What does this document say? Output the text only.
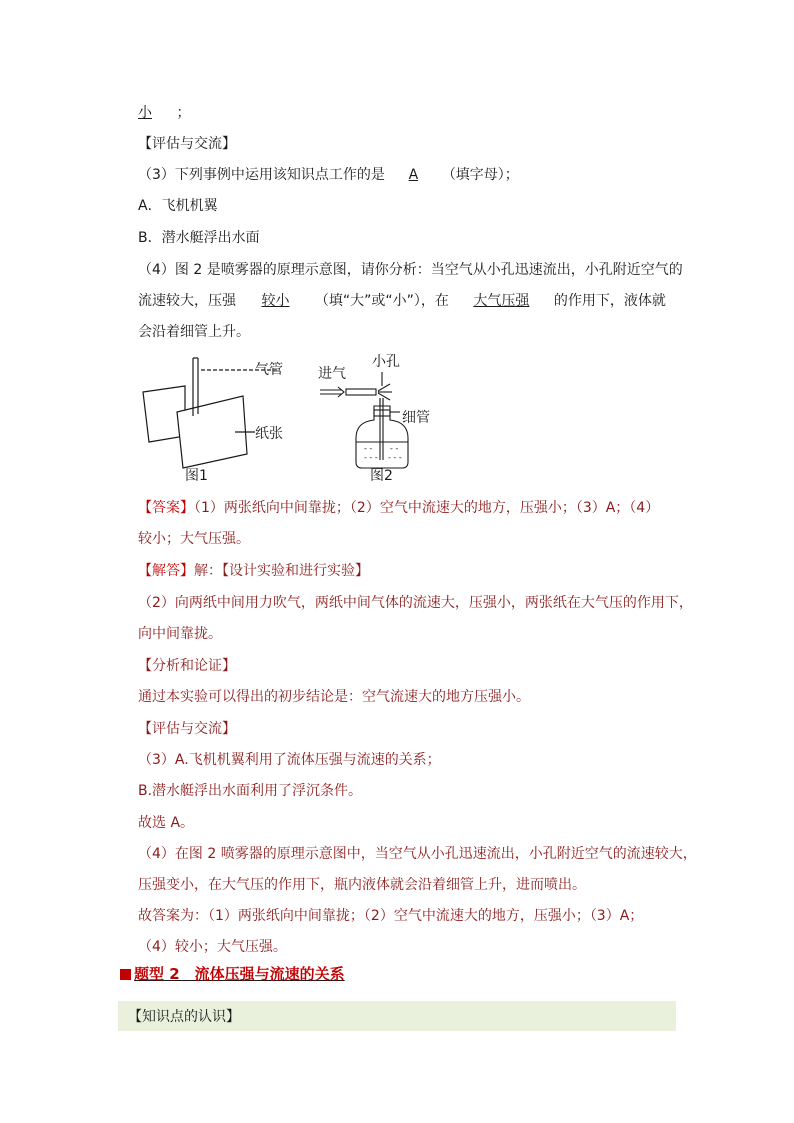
小 ；
【评估与交流】
（3）下列事例中运用该知识点工作的是 A （填字母）；
A．飞机机翼
B．潜水艇浮出水面
（4）图 2 是喷雾器的原理示意图，请你分析：当空气从小孔迅速流出，小孔附近空气的
流速较大，压强 较小 （填“大”或“小”），在 大气压强 的作用下，液体就
会沿着细管上升。
气管
纸张
图1
进气
小孔
细管
图2
- - - -
- - - - - -
【答案】（1）两张纸向中间靠拢；（2）空气中流速大的地方，压强小；（3）A；（4）
较小；大气压强。
【解答】解：【设计实验和进行实验】
（2）向两纸中间用力吹气，两纸中间气体的流速大，压强小，两张纸在大气压的作用下，
向中间靠拢。
【分析和论证】
通过本实验可以得出的初步结论是：空气流速大的地方压强小。
【评估与交流】
（3）A.飞机机翼利用了流体压强与流速的关系；
B.潜水艇浮出水面利用了浮沉条件。
故选 A。
（4）在图 2 喷雾器的原理示意图中，当空气从小孔迅速流出，小孔附近空气的流速较大，
压强变小，在大气压的作用下，瓶内液体就会沿着细管上升，进而喷出。
故答案为：（1）两张纸向中间靠拢；（2）空气中流速大的地方，压强小；（3）A；
（4）较小；大气压强。
题型 2　流体压强与流速的关系
【知识点的认识】
